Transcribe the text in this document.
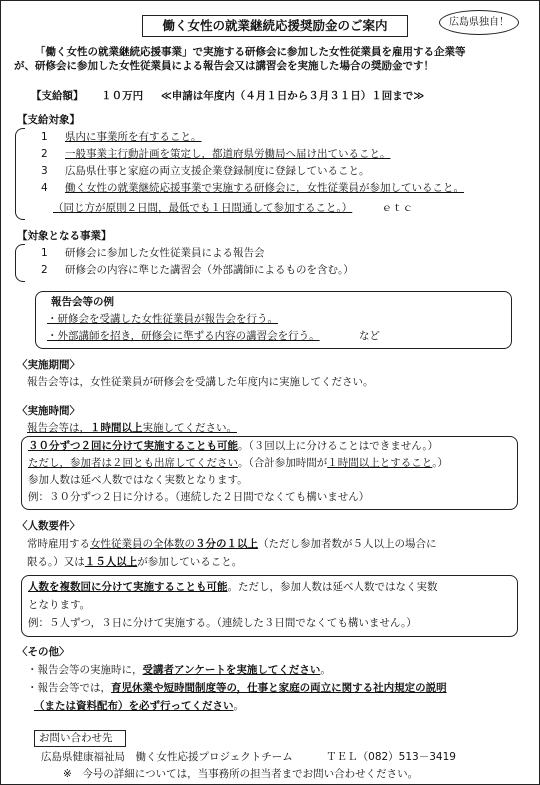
働く女性の就業継続応援奨励金のご案内	広島県独自！

「働く女性の就業継続応援事業」で実施する研修会に参加した女性従業員を雇用する企業等

が、研修会に参加した女性従業員による報告会又は講習会を実施した場合の奨励金です！

【支給額】 １０万円 ≪申請は年度内（４月１日から３月３１日）１回まで≫
【支給対象】
1	県内に事業所を有すること。
2	一般事業主行動計画を策定し，都道府県労働局へ届け出ていること。
3	広島県仕事と家庭の両立支援企業登録制度に登録していること。
4	働く女性の就業継続応援事業で実施する研修会に，女性従業員が参加していること。
（同じ方が原則２日間，最低でも１日間通して参加すること。）	ｅｔｃ
【対象となる事業】
1	研修会に参加した女性従業員による報告会
2	研修会の内容に準じた講習会（外部講師によるものを含む。）
報告会等の例
・研修会を受講した女性従業員が報告会を行う。
・外部講師を招き，研修会に準ずる内容の講習会を行う。	など
〈実施期間〉
報告会等は，女性従業員が研修会を受講した年度内に実施してください。
〈実施時間〉
報告会等は，１時間以上実施してください。
３０分ずつ２回に分けて実施することも可能。（３回以上に分けることはできません。）
ただし，参加者は２回とも出席してください。（合計参加時間が１時間以上とすること。）
参加人数は延べ人数ではなく実数となります。
例：３０分ずつ２日に分ける。（連続した２日間でなくても構いません）
〈人数要件〉
常時雇用する女性従業員の全体数の３分の１以上（ただし参加者数が５人以上の場合に
限る。）又は１５人以上が参加していること。
人数を複数回に分けて実施することも可能。ただし，参加人数は延べ人数ではなく実数
となります。
例：５人ずつ，３日に分けて実施する。（連続した３日間でなくても構いません。）
〈その他〉
・報告会等の実施時に，受講者アンケートを実施してください。
・報告会等では，育児休業や短時間制度等の，仕事と家庭の両立に関する社内規定の説明
（または資料配布）を必ず行ってください。
お問い合わせ先
広島県健康福祉局　働く女性応援プロジェクトチーム	ＴＥＬ（082）513－3419
※　今号の詳細については，当事務所の担当者までお問い合わせください。
